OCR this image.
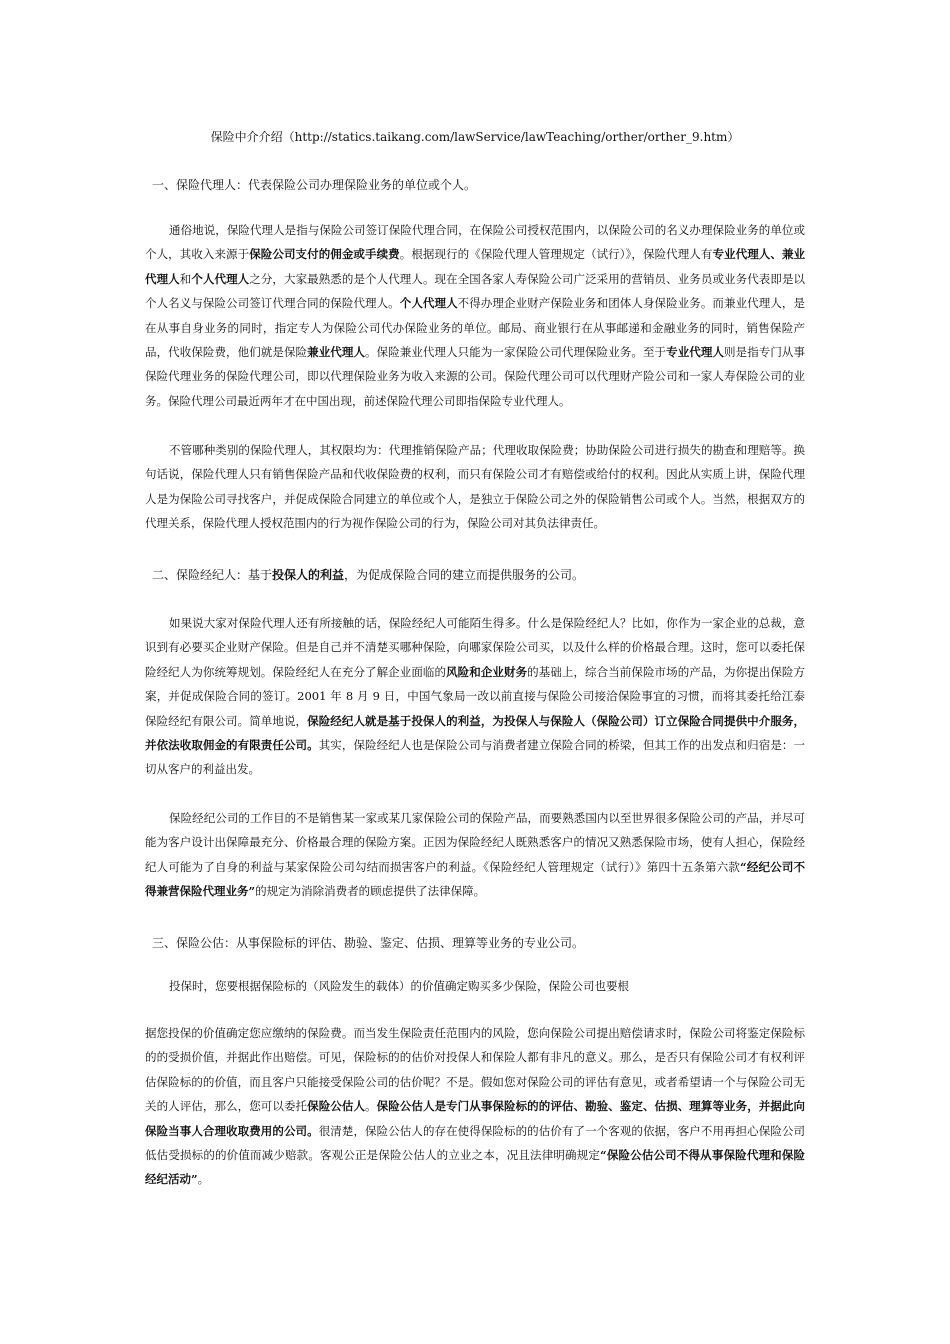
保险中介介绍（http://statics.taikang.com/lawService/lawTeaching/orther/orther_9.htm）
一、保险代理人：代表保险公司办理保险业务的单位或个人。
通俗地说，保险代理人是指与保险公司签订保险代理合同，在保险公司授权范围内，以保险公司的名义办理保险业务的单位或个人，其收入来源于保险公司支付的佣金或手续费。根据现行的《保险代理人管理规定（试行）》，保险代理人有专业代理人、兼业代理人和个人代理人之分，大家最熟悉的是个人代理人。现在全国各家人寿保险公司广泛采用的营销员、业务员或业务代表即是以个人名义与保险公司签订代理合同的保险代理人。个人代理人不得办理企业财产保险业务和团体人身保险业务。而兼业代理人，是在从事自身业务的同时，指定专人为保险公司代办保险业务的单位。邮局、商业银行在从事邮递和金融业务的同时，销售保险产品，代收保险费，他们就是保险兼业代理人。保险兼业代理人只能为一家保险公司代理保险业务。至于专业代理人则是指专门从事保险代理业务的保险代理公司，即以代理保险业务为收入来源的公司。保险代理公司可以代理财产险公司和一家人寿保险公司的业务。保险代理公司最近两年才在中国出现，前述保险代理公司即指保险专业代理人。
不管哪种类别的保险代理人，其权限均为：代理推销保险产品；代理收取保险费；协助保险公司进行损失的勘查和理赔等。换句话说，保险代理人只有销售保险产品和代收保险费的权利，而只有保险公司才有赔偿或给付的权利。因此从实质上讲，保险代理人是为保险公司寻找客户，并促成保险合同建立的单位或个人，是独立于保险公司之外的保险销售公司或个人。当然，根据双方的代理关系，保险代理人授权范围内的行为视作保险公司的行为，保险公司对其负法律责任。
二、保险经纪人：基于投保人的利益，为促成保险合同的建立而提供服务的公司。
如果说大家对保险代理人还有所接触的话，保险经纪人可能陌生得多。什么是保险经纪人？比如，你作为一家企业的总裁，意识到有必要买企业财产保险。但是自己并不清楚买哪种保险，向哪家保险公司买，以及什么样的价格最合理。这时，您可以委托保险经纪人为你统筹规划。保险经纪人在充分了解企业面临的风险和企业财务的基础上，综合当前保险市场的产品，为你提出保险方案，并促成保险合同的签订。2001 年 8 月 9 日，中国气象局一改以前直接与保险公司接洽保险事宜的习惯，而将其委托给江泰保险经纪有限公司。简单地说，保险经纪人就是基于投保人的利益，为投保人与保险人（保险公司）订立保险合同提供中介服务，并依法收取佣金的有限责任公司。其实，保险经纪人也是保险公司与消费者建立保险合同的桥梁，但其工作的出发点和归宿是：一切从客户的利益出发。
保险经纪公司的工作目的不是销售某一家或某几家保险公司的保险产品，而要熟悉国内以至世界很多保险公司的产品，并尽可能为客户设计出保障最充分、价格最合理的保险方案。正因为保险经纪人既熟悉客户的情况又熟悉保险市场，使有人担心，保险经纪人可能为了自身的利益与某家保险公司勾结而损害客户的利益。《保险经纪人管理规定（试行）》第四十五条第六款“经纪公司不得兼营保险代理业务”的规定为消除消费者的顾虑提供了法律保障。
三、保险公估：从事保险标的评估、勘验、鉴定、估损、理算等业务的专业公司。
投保时，您要根据保险标的（风险发生的载体）的价值确定购买多少保险，保险公司也要根
据您投保的价值确定您应缴纳的保险费。而当发生保险责任范围内的风险，您向保险公司提出赔偿请求时，保险公司将鉴定保险标的的受损价值，并据此作出赔偿。可见，保险标的的估价对投保人和保险人都有非凡的意义。那么，是否只有保险公司才有权利评估保险标的的价值，而且客户只能接受保险公司的估价呢？不是。假如您对保险公司的评估有意见，或者希望请一个与保险公司无关的人评估，那么，您可以委托保险公估人。保险公估人是专门从事保险标的的评估、勘验、鉴定、估损、理算等业务，并据此向保险当事人合理收取费用的公司。很清楚，保险公估人的存在使得保险标的的估价有了一个客观的依据，客户不用再担心保险公司低估受损标的的价值而减少赔款。客观公正是保险公估人的立业之本，况且法律明确规定“保险公估公司不得从事保险代理和保险经纪活动”。
